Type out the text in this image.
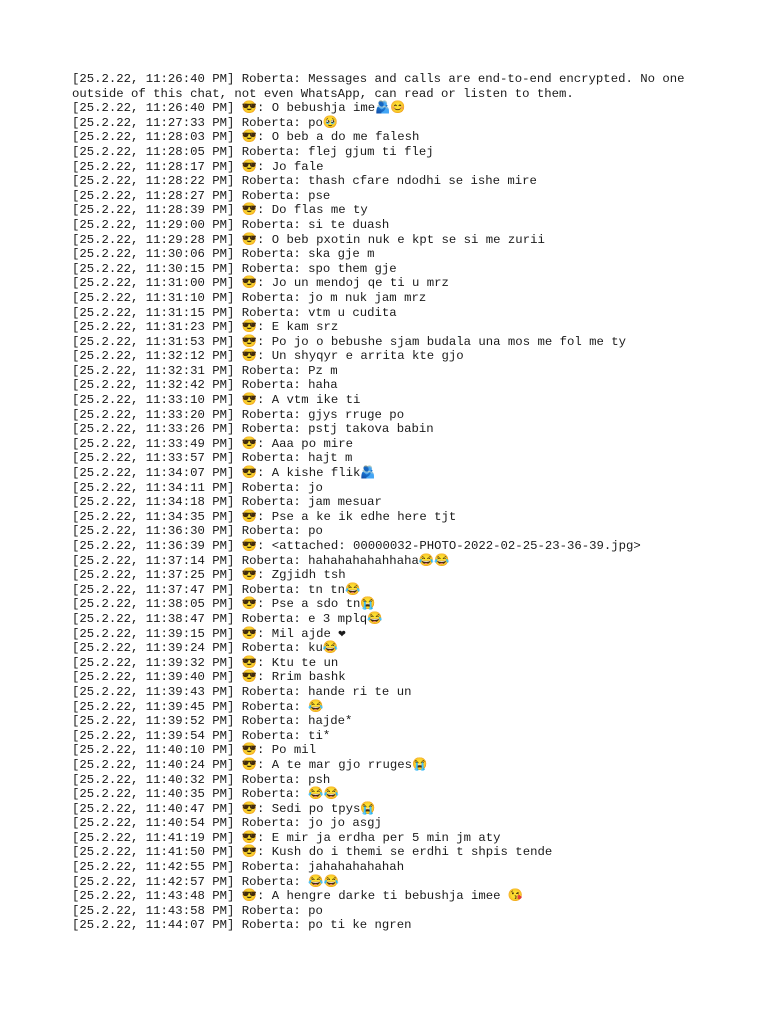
[25.2.22, 11:26:40 PM] Roberta: Messages and calls are end-to-end encrypted. No one outside of this chat, not even WhatsApp, can read or listen to them.
[25.2.22, 11:26:40 PM] 😎: O bebushja ime🫂😊
[25.2.22, 11:27:33 PM] Roberta: po🥹
[25.2.22, 11:28:03 PM] 😎: O beb a do me falesh
[25.2.22, 11:28:05 PM] Roberta: flej gjum ti flej
[25.2.22, 11:28:17 PM] 😎: Jo fale
[25.2.22, 11:28:22 PM] Roberta: thash cfare ndodhi se ishe mire
[25.2.22, 11:28:27 PM] Roberta: pse
[25.2.22, 11:28:39 PM] 😎: Do flas me ty
[25.2.22, 11:29:00 PM] Roberta: si te duash
[25.2.22, 11:29:28 PM] 😎: O beb pxotin nuk e kpt se si me zurii
[25.2.22, 11:30:06 PM] Roberta: ska gje m
[25.2.22, 11:30:15 PM] Roberta: spo them gje
[25.2.22, 11:31:00 PM] 😎: Jo un mendoj qe ti u mrz
[25.2.22, 11:31:10 PM] Roberta: jo m nuk jam mrz
[25.2.22, 11:31:15 PM] Roberta: vtm u cudita
[25.2.22, 11:31:23 PM] 😎: E kam srz
[25.2.22, 11:31:53 PM] 😎: Po jo o bebushe sjam budala una mos me fol me ty
[25.2.22, 11:32:12 PM] 😎: Un shyqyr e arrita kte gjo
[25.2.22, 11:32:31 PM] Roberta: Pz m
[25.2.22, 11:32:42 PM] Roberta: haha
[25.2.22, 11:33:10 PM] 😎: A vtm ike ti
[25.2.22, 11:33:20 PM] Roberta: gjys rruge po
[25.2.22, 11:33:26 PM] Roberta: pstj takova babin
[25.2.22, 11:33:49 PM] 😎: Aaa po mire
[25.2.22, 11:33:57 PM] Roberta: hajt m
[25.2.22, 11:34:07 PM] 😎: A kishe flik🫂
[25.2.22, 11:34:11 PM] Roberta: jo
[25.2.22, 11:34:18 PM] Roberta: jam mesuar
[25.2.22, 11:34:35 PM] 😎: Pse a ke ik edhe here tjt
[25.2.22, 11:36:30 PM] Roberta: po
[25.2.22, 11:36:39 PM] 😎: <attached: 00000032-PHOTO-2022-02-25-23-36-39.jpg>
[25.2.22, 11:37:14 PM] Roberta: hahahahahahhaha😂😂
[25.2.22, 11:37:25 PM] 😎: Zgjidh tsh
[25.2.22, 11:37:47 PM] Roberta: tn tn😂
[25.2.22, 11:38:05 PM] 😎: Pse a sdo tn😭
[25.2.22, 11:38:47 PM] Roberta: e 3 mplq😂
[25.2.22, 11:39:15 PM] 😎: Mil ajde ❤
[25.2.22, 11:39:24 PM] Roberta: ku😂
[25.2.22, 11:39:32 PM] 😎: Ktu te un
[25.2.22, 11:39:40 PM] 😎: Rrim bashk
[25.2.22, 11:39:43 PM] Roberta: hande ri te un
[25.2.22, 11:39:45 PM] Roberta: 😂
[25.2.22, 11:39:52 PM] Roberta: hajde*
[25.2.22, 11:39:54 PM] Roberta: ti*
[25.2.22, 11:40:10 PM] 😎: Po mil
[25.2.22, 11:40:24 PM] 😎: A te mar gjo rruges😭
[25.2.22, 11:40:32 PM] Roberta: psh
[25.2.22, 11:40:35 PM] Roberta: 😂😂
[25.2.22, 11:40:47 PM] 😎: Sedi po tpys😭
[25.2.22, 11:40:54 PM] Roberta: jo jo asgj
[25.2.22, 11:41:19 PM] 😎: E mir ja erdha per 5 min jm aty
[25.2.22, 11:41:50 PM] 😎: Kush do i themi se erdhi t shpis tende
[25.2.22, 11:42:55 PM] Roberta: jahahahahahah
[25.2.22, 11:42:57 PM] Roberta: 😂😂
[25.2.22, 11:43:48 PM] 😎: A hengre darke ti bebushja imee 😘
[25.2.22, 11:43:58 PM] Roberta: po
[25.2.22, 11:44:07 PM] Roberta: po ti ke ngren
